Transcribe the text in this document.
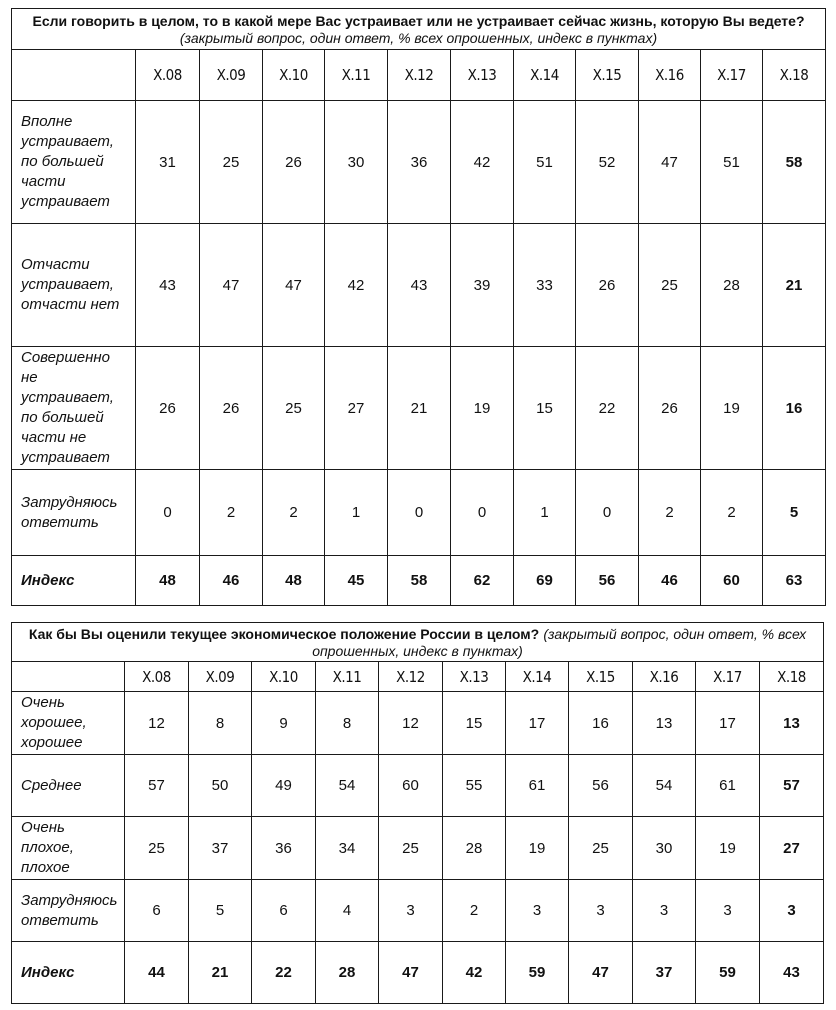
Если говорить в целом, то в какой мере Вас устраивает или не устраивает сейчас жизнь, которую Вы ведете?
(закрытый вопрос, один ответ, % всех опрошенных, индекс в пунктах)											
	X.08	X.09	X.10	X.11	X.12	X.13	X.14	X.15	X.16	X.17	X.18
Вполне устраивает, по большей части устраивает	31	25	26	30	36	42	51	52	47	51	58
Отчасти устраивает, отчасти нет	43	47	47	42	43	39	33	26	25	28	21
Совершенно не устраивает, по большей части не устраивает	26	26	25	27	21	19	15	22	26	19	16
Затрудняюсь ответить	0	2	2	1	0	0	1	0	2	2	5
Индекс	48	46	48	45	58	62	69	56	46	60	63
Как бы Вы оценили текущее экономическое положение России в целом? (закрытый вопрос, один ответ, % всех опрошенных, индекс в пунктах)											
	X.08	X.09	X.10	X.11	X.12	X.13	X.14	X.15	X.16	X.17	X.18
Очень хорошее, хорошее	12	8	9	8	12	15	17	16	13	17	13
Среднее	57	50	49	54	60	55	61	56	54	61	57
Очень плохое, плохое	25	37	36	34	25	28	19	25	30	19	27
Затрудняюсь ответить	6	5	6	4	3	2	3	3	3	3	3
Индекс	44	21	22	28	47	42	59	47	37	59	43
